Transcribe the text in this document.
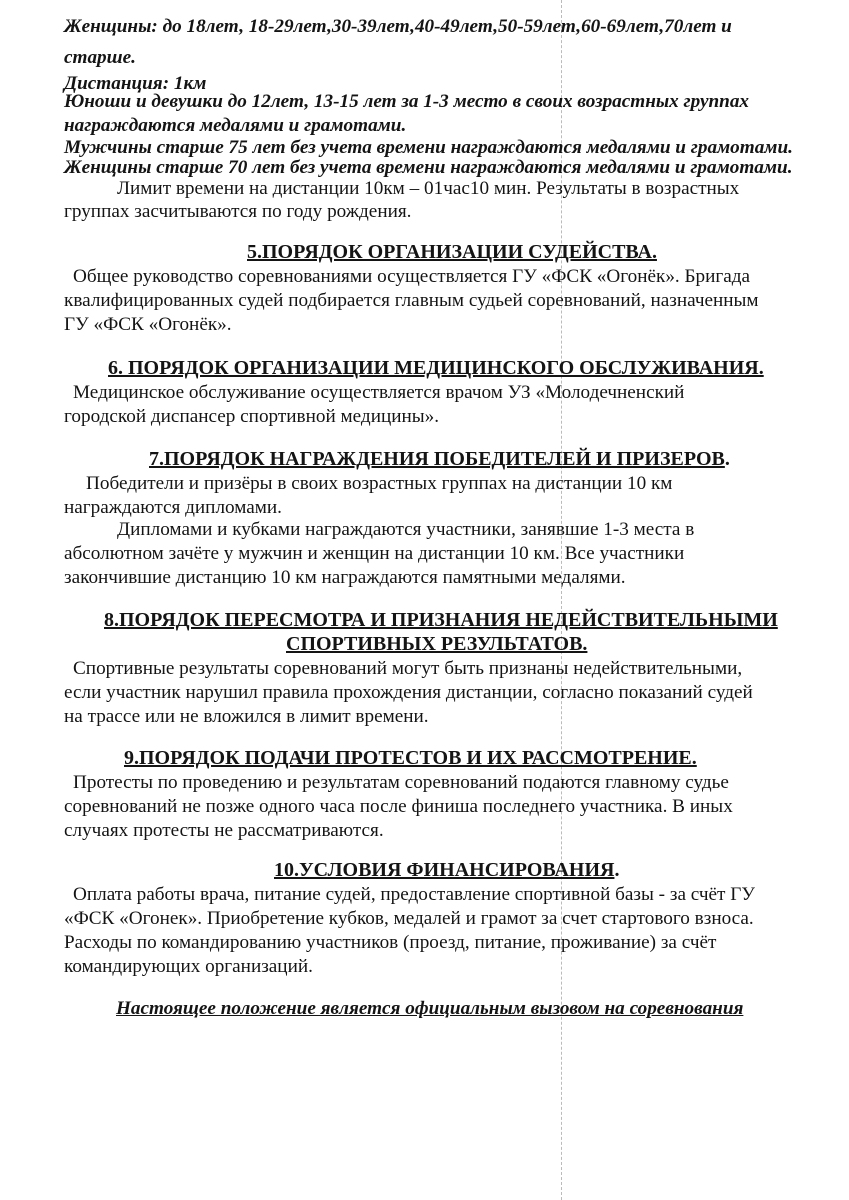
Женщины: до 18лет, 18-29лет,30-39лет,40-49лет,50-59лет,60-69лет,70лет и
старше.
Дистанция: 1км
Юноши и девушки до 12лет, 13-15 лет за 1-3 место в своих возрастных группах
награждаются медалями и грамотами.
Мужчины старше 75 лет без учета времени награждаются медалями и грамотами.
Женщины старше 70 лет без учета времени награждаются медалями и грамотами.
Лимит времени на дистанции 10км – 01час10 мин. Результаты в возрастных
группах засчитываются по году рождения.
5.ПОРЯДОК ОРГАНИЗАЦИИ СУДЕЙСТВА.
Общее руководство соревнованиями осуществляется ГУ «ФСК «Огонёк». Бригада
квалифицированных судей подбирается главным судьей соревнований, назначенным
ГУ «ФСК «Огонёк».
6. ПОРЯДОК ОРГАНИЗАЦИИ МЕДИЦИНСКОГО ОБСЛУЖИВАНИЯ.
Медицинское обслуживание осуществляется врачом УЗ «Молодечненский
городской диспансер спортивной медицины».
7.ПОРЯДОК НАГРАЖДЕНИЯ ПОБЕДИТЕЛЕЙ И ПРИЗЕРОВ.
Победители и призёры в своих возрастных группах на дистанции 10 км
награждаются дипломами.
Дипломами и кубками награждаются участники, занявшие 1-3 места в
абсолютном зачёте у мужчин и женщин на дистанции 10 км. Все участники
закончившие дистанцию 10 км награждаются памятными медалями.
8.ПОРЯДОК ПЕРЕСМОТРА И ПРИЗНАНИЯ НЕДЕЙСТВИТЕЛЬНЫМИ
СПОРТИВНЫХ РЕЗУЛЬТАТОВ.
Спортивные результаты соревнований могут быть признаны недействительными,
если участник нарушил правила прохождения дистанции, согласно показаний судей
на трассе или не вложился в лимит времени.
9.ПОРЯДОК ПОДАЧИ ПРОТЕСТОВ И ИХ РАССМОТРЕНИЕ.
Протесты по проведению и результатам соревнований подаются главному судье
соревнований не позже одного часа после финиша последнего участника. В иных
случаях протесты не рассматриваются.
10.УСЛОВИЯ ФИНАНСИРОВАНИЯ.
Оплата работы врача, питание судей, предоставление спортивной базы - за счёт ГУ
«ФСК «Огонек». Приобретение кубков, медалей и грамот за счет стартового взноса.
Расходы по командированию участников (проезд, питание, проживание) за счёт
командирующих организаций.
Настоящее положение является официальным вызовом на соревнования
